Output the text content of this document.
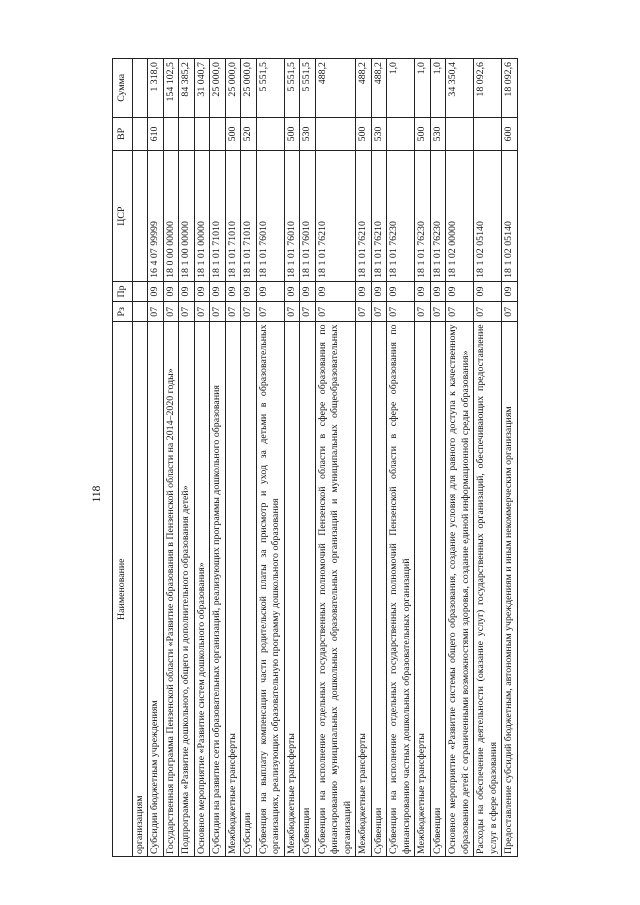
118
Наименование	Рз	Пр	ЦСР	ВР	Сумма
организациям					
Субсидии бюджетным учреждениям	07	09	16 4 07 99999	610	1 318,0
Государственная программа Пензенской области «Развитие образования в Пензенской области на 2014–2020 годы»	07	09	18 0 00 00000		154 102,5
Подпрограмма «Развитие дошкольного, общего и дополнительного образования детей»	07	09	18 1 00 00000		84 385,2
Основное мероприятие «Развитие систем дошкольного образования»	07	09	18 1 01 00000		31 040,7
Субсидии на развитие сети образовательных организаций, реализующих программы дошкольного образования	07	09	18 1 01 71010		25 000,0
Межбюджетные трансферты	07	09	18 1 01 71010	500	25 000,0
Субсидии	07	09	18 1 01 71010	520	25 000,0
Субвенция на выплату компенсации части родительской платы за присмотр и уход за детьми в образовательных организациях, реализующих образовательную программу дошкольного образования	07	09	18 1 01 76010		5 551,5
Межбюджетные трансферты	07	09	18 1 01 76010	500	5 551,5
Субвенции	07	09	18 1 01 76010	530	5 551,5
Субвенции на исполнение отдельных государственных полномочий Пензенской области в сфере образования по финансированию муниципальных дошкольных образовательных организаций и муниципальных общеобразовательных организаций	07	09	18 1 01 76210		488,2
Межбюджетные трансферты	07	09	18 1 01 76210	500	488,2
Субвенции	07	09	18 1 01 76210	530	488,2
Субвенции на исполнение отдельных государственных полномочий Пензенской области в сфере образования по финансированию частных дошкольных образовательных организаций	07	09	18 1 01 76230		1,0
Межбюджетные трансферты	07	09	18 1 01 76230	500	1,0
Субвенции	07	09	18 1 01 76230	530	1,0
Основное мероприятие «Развитие системы общего образования, создание условия для равного доступа к качественному образованию детей с ограниченными возможностями здоровья, создание единой информационной среды образования»	07	09	18 1 02 00000		34 350,4
Расходы на обеспечение деятельности (оказание услуг) государственных организаций, обеспечивающих предоставление услуг в сфере образования	07	09	18 1 02 05140		18 092,6
Предоставление субсидий бюджетным, автономным учреждениям и иным некоммерческим организациям	07	09	18 1 02 05140	600	18 092,6
